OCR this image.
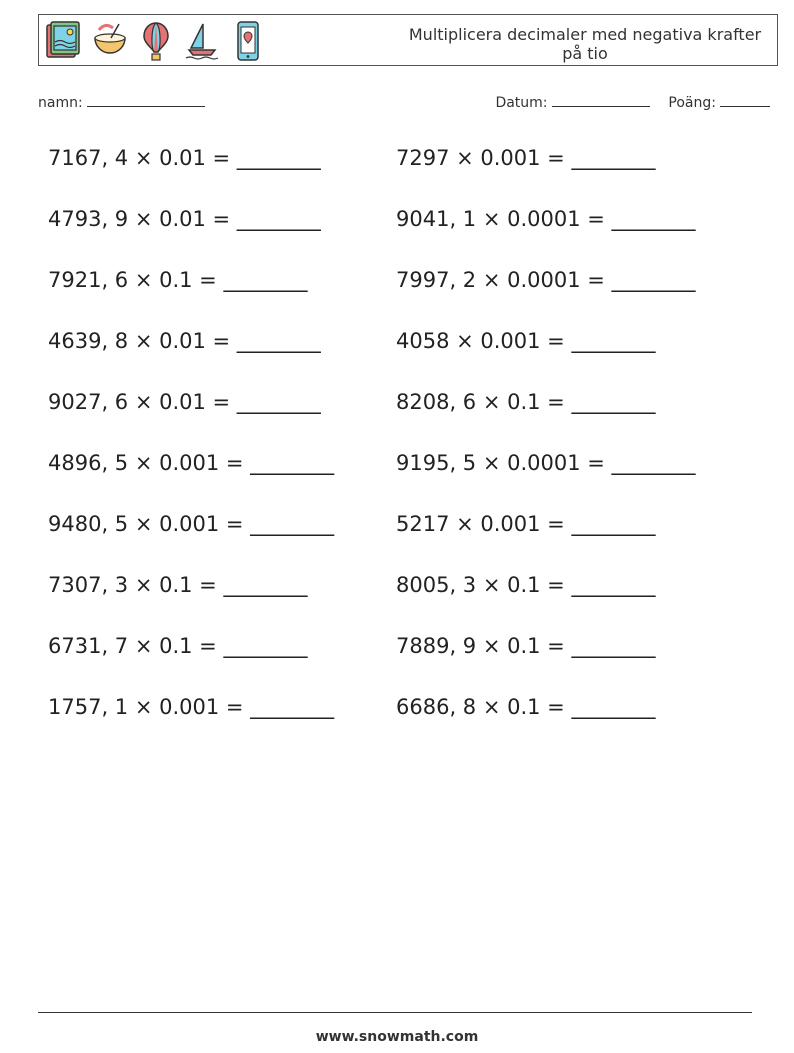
Multiplicera decimaler med negativa krafter på tio
namn:	Datum:	Poäng:
7167, 4 × 0.01 = ________	7297 × 0.001 = ________
4793, 9 × 0.01 = ________	9041, 1 × 0.0001 = ________
7921, 6 × 0.1 = ________	7997, 2 × 0.0001 = ________
4639, 8 × 0.01 = ________	4058 × 0.001 = ________
9027, 6 × 0.01 = ________	8208, 6 × 0.1 = ________
4896, 5 × 0.001 = ________	9195, 5 × 0.0001 = ________
9480, 5 × 0.001 = ________	5217 × 0.001 = ________
7307, 3 × 0.1 = ________	8005, 3 × 0.1 = ________
6731, 7 × 0.1 = ________	7889, 9 × 0.1 = ________
1757, 1 × 0.001 = ________	6686, 8 × 0.1 = ________
www.snowmath.com
